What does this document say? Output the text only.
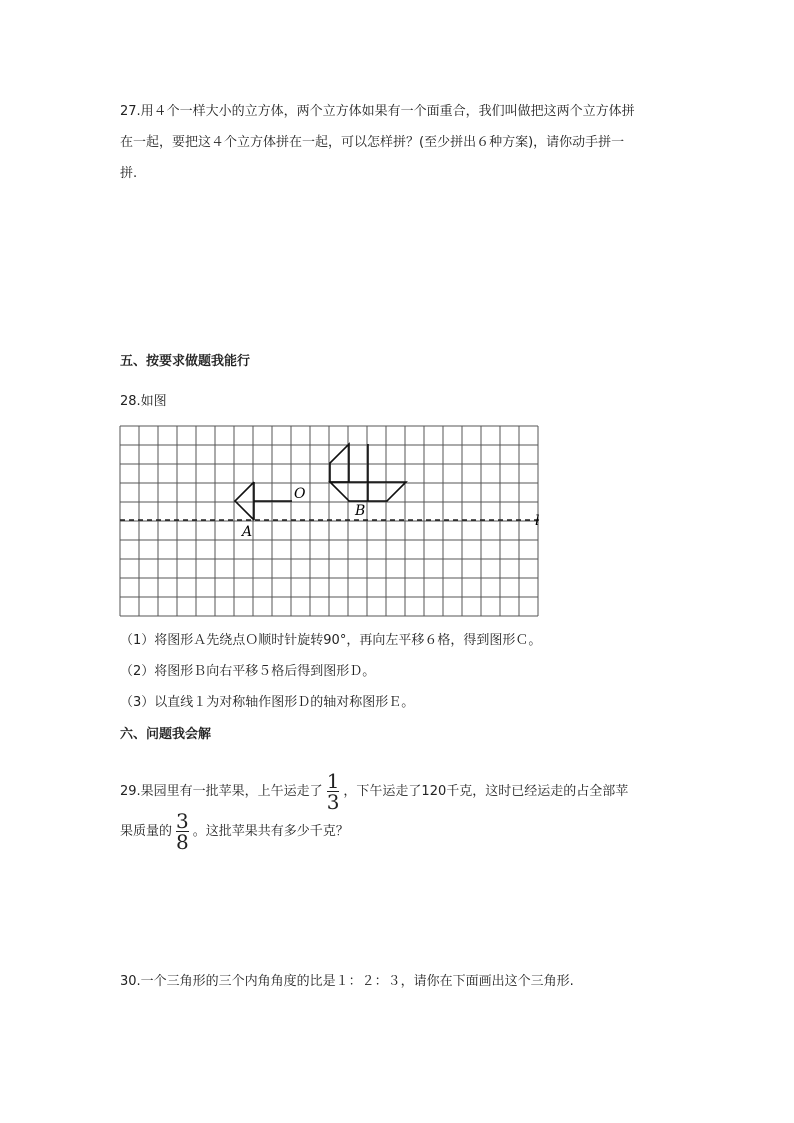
27.用４个一样大小的立方体，两个立方体如果有一个面重合，我们叫做把这两个立方体拼
在一起，要把这４个立方体拼在一起，可以怎样拼？(至少拼出６种方案)，请你动手拼一
拼.
五、按要求做题我能行
28.如图
O
A
B
l
（1）将图形Ａ先绕点Ｏ顺时针旋转90°，再向左平移６格，得到图形Ｃ。
（2）将图形Ｂ向右平移５格后得到图形Ｄ。
（3）以直线１为对称轴作图形Ｄ的轴对称图形Ｅ。
六、问题我会解
29.果园里有一批苹果，上午运走了 $\frac{1}{3}$ ，下午运走了120千克，这时已经运走的占全部苹
果质量的 $\frac{3}{8}$ 。这批苹果共有多少千克？
30.一个三角形的三个内角角度的比是１：２：３，请你在下面画出这个三角形.
